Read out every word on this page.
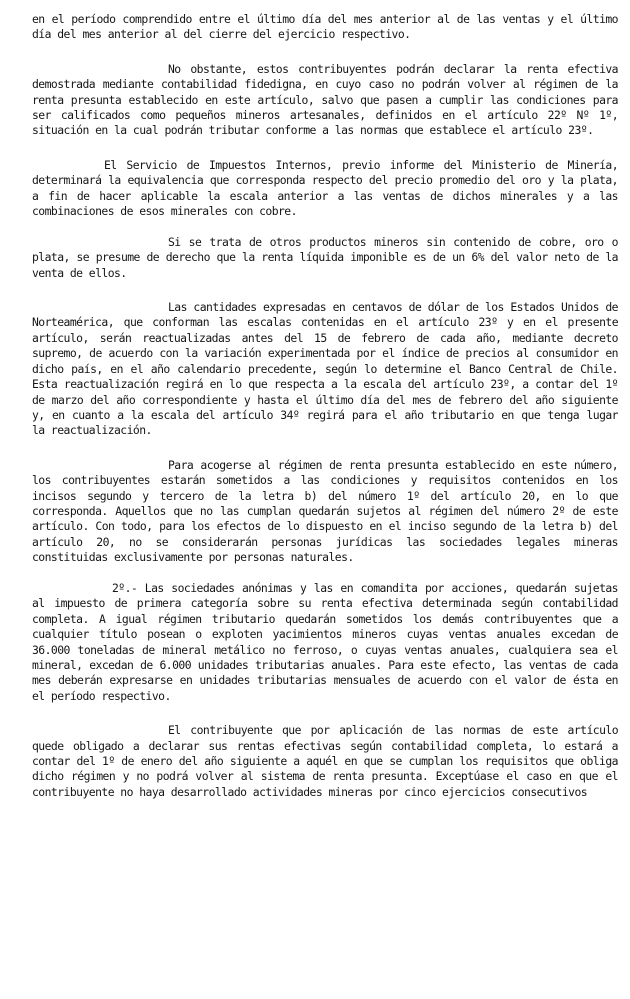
en el período comprendido entre el último día del mes anterior al de las ventas y el último día del mes anterior al del cierre del ejercicio respectivo.

No obstante, estos contribuyentes podrán declarar la renta efectiva demostrada mediante contabilidad fidedigna, en cuyo caso no podrán volver al régimen de la renta presunta establecido en este artículo, salvo que pasen a cumplir las condiciones para ser calificados como pequeños mineros artesanales, definidos en el artículo 22º Nº 1º, situación en la cual podrán tributar conforme a las normas que establece el artículo 23º.

El Servicio de Impuestos Internos, previo informe del Ministerio de Minería, determinará la equivalencia que corresponda respecto del precio promedio del oro y la plata, a fin de hacer aplicable la escala anterior a las ventas de dichos minerales y a las combinaciones de esos minerales con cobre.

Si se trata de otros productos mineros sin contenido de cobre, oro o plata, se presume de derecho que la renta líquida imponible es de un 6% del valor neto de la venta de ellos.

Las cantidades expresadas en centavos de dólar de los Estados Unidos de Norteamérica, que conforman las escalas contenidas en el artículo 23º y en el presente artículo, serán reactualizadas antes del 15 de febrero de cada año, mediante decreto supremo, de acuerdo con la variación experimentada por el índice de precios al consumidor en dicho país, en el año calendario precedente, según lo determine el Banco Central de Chile. Esta reactualización regirá en lo que respecta a la escala del artículo 23º, a contar del 1º de marzo del año correspondiente y hasta el último día del mes de febrero del año siguiente y, en cuanto a la escala del artículo 34º regirá para el año tributario en que tenga lugar la reactualización.

Para acogerse al régimen de renta presunta establecido en este número, los contribuyentes estarán sometidos a las condiciones y requisitos contenidos en los incisos segundo y tercero de la letra b) del número 1º del artículo 20, en lo que corresponda. Aquellos que no las cumplan quedarán sujetos al régimen del número 2º de este artículo. Con todo, para los efectos de lo dispuesto en el inciso segundo de la letra b) del artículo 20, no se considerarán personas jurídicas las sociedades legales mineras constituidas exclusivamente por personas naturales.

2º.- Las sociedades anónimas y las en comandita por acciones, quedarán sujetas al impuesto de primera categoría sobre su renta efectiva determinada según contabilidad completa. A igual régimen tributario quedarán sometidos los demás contribuyentes que a cualquier título posean o exploten yacimientos mineros cuyas ventas anuales excedan de 36.000 toneladas de mineral metálico no ferroso, o cuyas ventas anuales, cualquiera sea el mineral, excedan de 6.000 unidades tributarias anuales. Para este efecto, las ventas de cada mes deberán expresarse en unidades tributarias mensuales de acuerdo con el valor de ésta en el período respectivo.

El contribuyente que por aplicación de las normas de este artículo quede obligado a declarar sus rentas efectivas según contabilidad completa, lo estará a contar del 1º de enero del año siguiente a aquél en que se cumplan los requisitos que obliga dicho régimen y no podrá volver al sistema de renta presunta. Exceptúase el caso en que el contribuyente no haya desarrollado actividades mineras por cinco ejercicios consecutivos
